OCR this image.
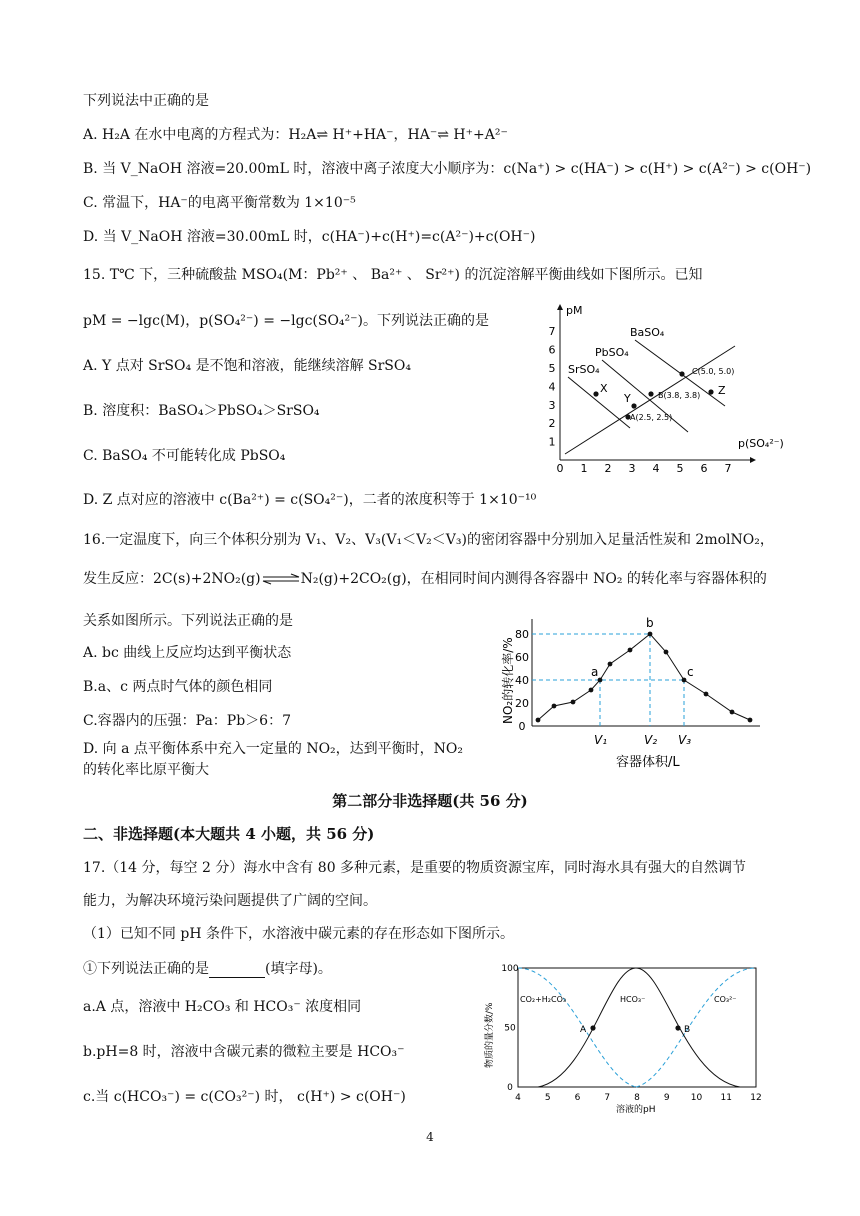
下列说法中正确的是
A. H₂A 在水中电离的方程式为：H₂A⇌ H⁺+HA⁻，HA⁻⇌ H⁺+A²⁻
B. 当 V_NaOH 溶液=20.00mL 时，溶液中离子浓度大小顺序为：c(Na⁺) > c(HA⁻) > c(H⁺) > c(A²⁻) > c(OH⁻)
C. 常温下，HA⁻的电离平衡常数为 1×10⁻⁵
D. 当 V_NaOH 溶液=30.00mL 时，c(HA⁻)+c(H⁺)=c(A²⁻)+c(OH⁻)
15. T℃ 下，三种硫酸盐 MSO₄(M：Pb²⁺ 、 Ba²⁺ 、 Sr²⁺) 的沉淀溶解平衡曲线如下图所示。已知
pM = −lgc(M)，p(SO₄²⁻) = −lgc(SO₄²⁻)。下列说法正确的是
A. Y 点对 SrSO₄ 是不饱和溶液，能继续溶解 SrSO₄
B. 溶度积：BaSO₄＞PbSO₄＞SrSO₄
C. BaSO₄ 不可能转化成 PbSO₄
D. Z 点对应的溶液中 c(Ba²⁺) = c(SO₄²⁻)，二者的浓度积等于 1×10⁻¹⁰
pM
p(SO₄²⁻)
0 1 2 3 4 5 6 7
1
2
3
4
5
6
7
SrSO₄
PbSO₄
BaSO₄
A(2.5, 2.5)
B(3.8, 3.8)
C(5.0, 5.0)
X
Y
Z
16.一定温度下，向三个体积分别为 V₁、V₂、V₃(V₁＜V₂＜V₃)的密闭容器中分别加入足量活性炭和 2molNO₂，
发生反应：2C(s)+2NO₂(g)⇌N₂(g)+2CO₂(g)，在相同时间内测得各容器中 NO₂ 的转化率与容器体积的
关系如图所示。下列说法正确的是
A. bc 曲线上反应均达到平衡状态
B.a、c 两点时气体的颜色相同
C.容器内的压强：Pa：Pb＞6：7
D. 向 a 点平衡体系中充入一定量的 NO₂，达到平衡时，NO₂
的转化率比原平衡大
NO₂的转化率/%
0
20
40
60
80
a
b
c
V₁	V₂ V₃
容器体积/L
第二部分非选择题(共 56 分)
二、非选择题(本大题共 4 小题，共 56 分)
17.（14 分，每空 2 分）海水中含有 80 多种元素，是重要的物质资源宝库，同时海水具有强大的自然调节
能力，为解决环境污染问题提供了广阔的空间。
（1）已知不同 pH 条件下，水溶液中碳元素的存在形态如下图所示。
①下列说法正确的是	(填字母)。
a.A 点，溶液中 H₂CO₃ 和 HCO₃⁻ 浓度相同
b.pH=8 时，溶液中含碳元素的微粒主要是 HCO₃⁻
c.当 c(HCO₃⁻) = c(CO₃²⁻) 时， c(H⁺) > c(OH⁻)
物质的量分数/%
0
50
100
4	5	6	7	8	9 10 11 12
A	B
CO₂+H₂CO₃	HCO₃⁻	CO₃²⁻
溶液的pH
4
